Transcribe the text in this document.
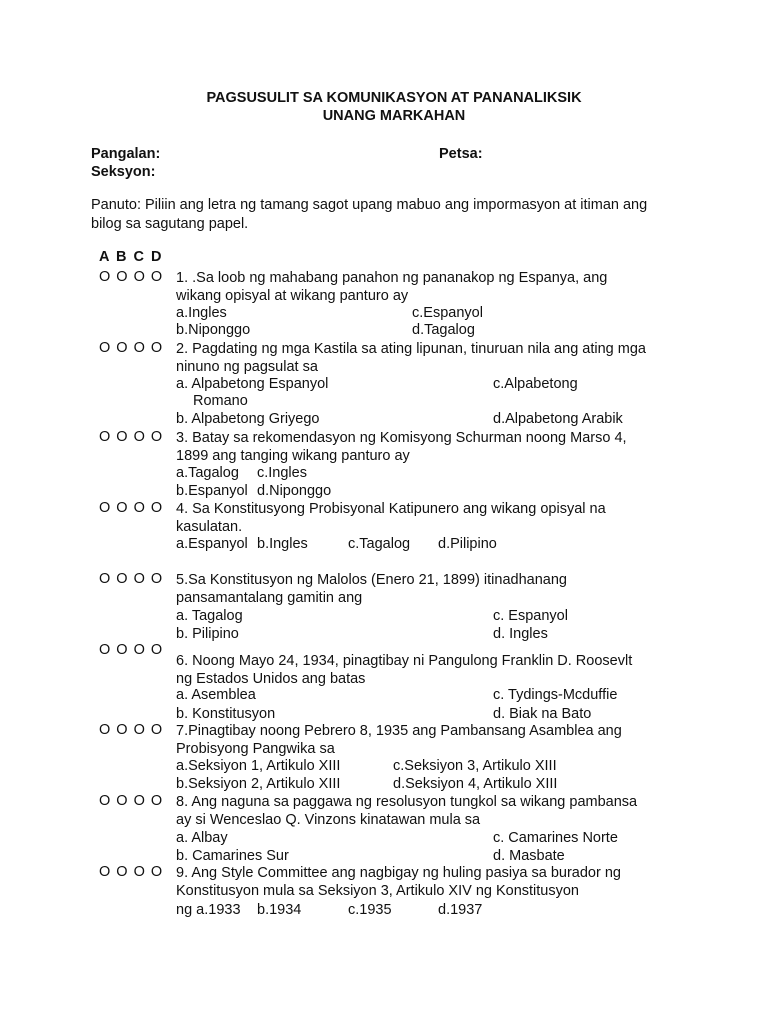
PAGSUSULIT SA KOMUNIKASYON AT PANANALIKSIK
UNANG MARKAHAN
Pangalan:	Petsa:
Seksyon:
Panuto: Piliin ang letra ng tamang sagot upang mabuo ang impormasyon at itiman ang bilog sa sagutang papel.
A B C D
O O O O 1. .Sa loob ng mahabang panahon ng pananakop ng Espanya, ang wikang opisyal at wikang panturo ay
a.Ingles	c.Espanyol
b.Niponggo	d.Tagalog
O O O O 2. Pagdating ng mga Kastila sa ating lipunan, tinuruan nila ang ating mga ninuno ng pagsulat sa
a. Alpabetong Espanyol	c.Alpabetong
Romano
b. Alpabetong Griyego	d.Alpabetong Arabik
O O O O 3. Batay sa rekomendasyon ng Komisyong Schurman noong Marso 4, 1899 ang tanging wikang panturo ay
a.Tagalog c.Ingles
b.Espanyol d.Niponggo
O O O O 4. Sa Konstitusyong Probisyonal Katipunero ang wikang opisyal na kasulatan.
a.Espanyol b.Ingles	c.Tagalog d.Pilipino
O O O O 5.Sa Konstitusyon ng Malolos (Enero 21, 1899) itinadhanang pansamantalang gamitin ang
a. Tagalog	c. Espanyol
b. Pilipino	d. Ingles
O O O O
6. Noong Mayo 24, 1934, pinagtibay ni Pangulong Franklin D. Roosevlt ng Estados Unidos ang batas
a. Asemblea	c. Tydings-Mcduffie
b. Konstitusyon	d. Biak na Bato
O O O O 7.Pinagtibay noong Pebrero 8, 1935 ang Pambansang Asamblea ang Probisyong Pangwika sa
a.Seksiyon 1, Artikulo XIII	c.Seksiyon 3, Artikulo XIII
b.Seksiyon 2, Artikulo XIII	d.Seksiyon 4, Artikulo XIII
O O O O 8. Ang naguna sa paggawa ng resolusyon tungkol sa wikang pambansa ay si Wenceslao Q. Vinzons kinatawan mula sa
a. Albay	c. Camarines Norte
b. Camarines Sur	d. Masbate
O O O O 9. Ang Style Committee ang nagbigay ng huling pasiya sa burador ng Konstitusyon mula sa Seksiyon 3, Artikulo XIV ng Konstitusyon
ng a.1933 b.1934	c.1935	d.1937
